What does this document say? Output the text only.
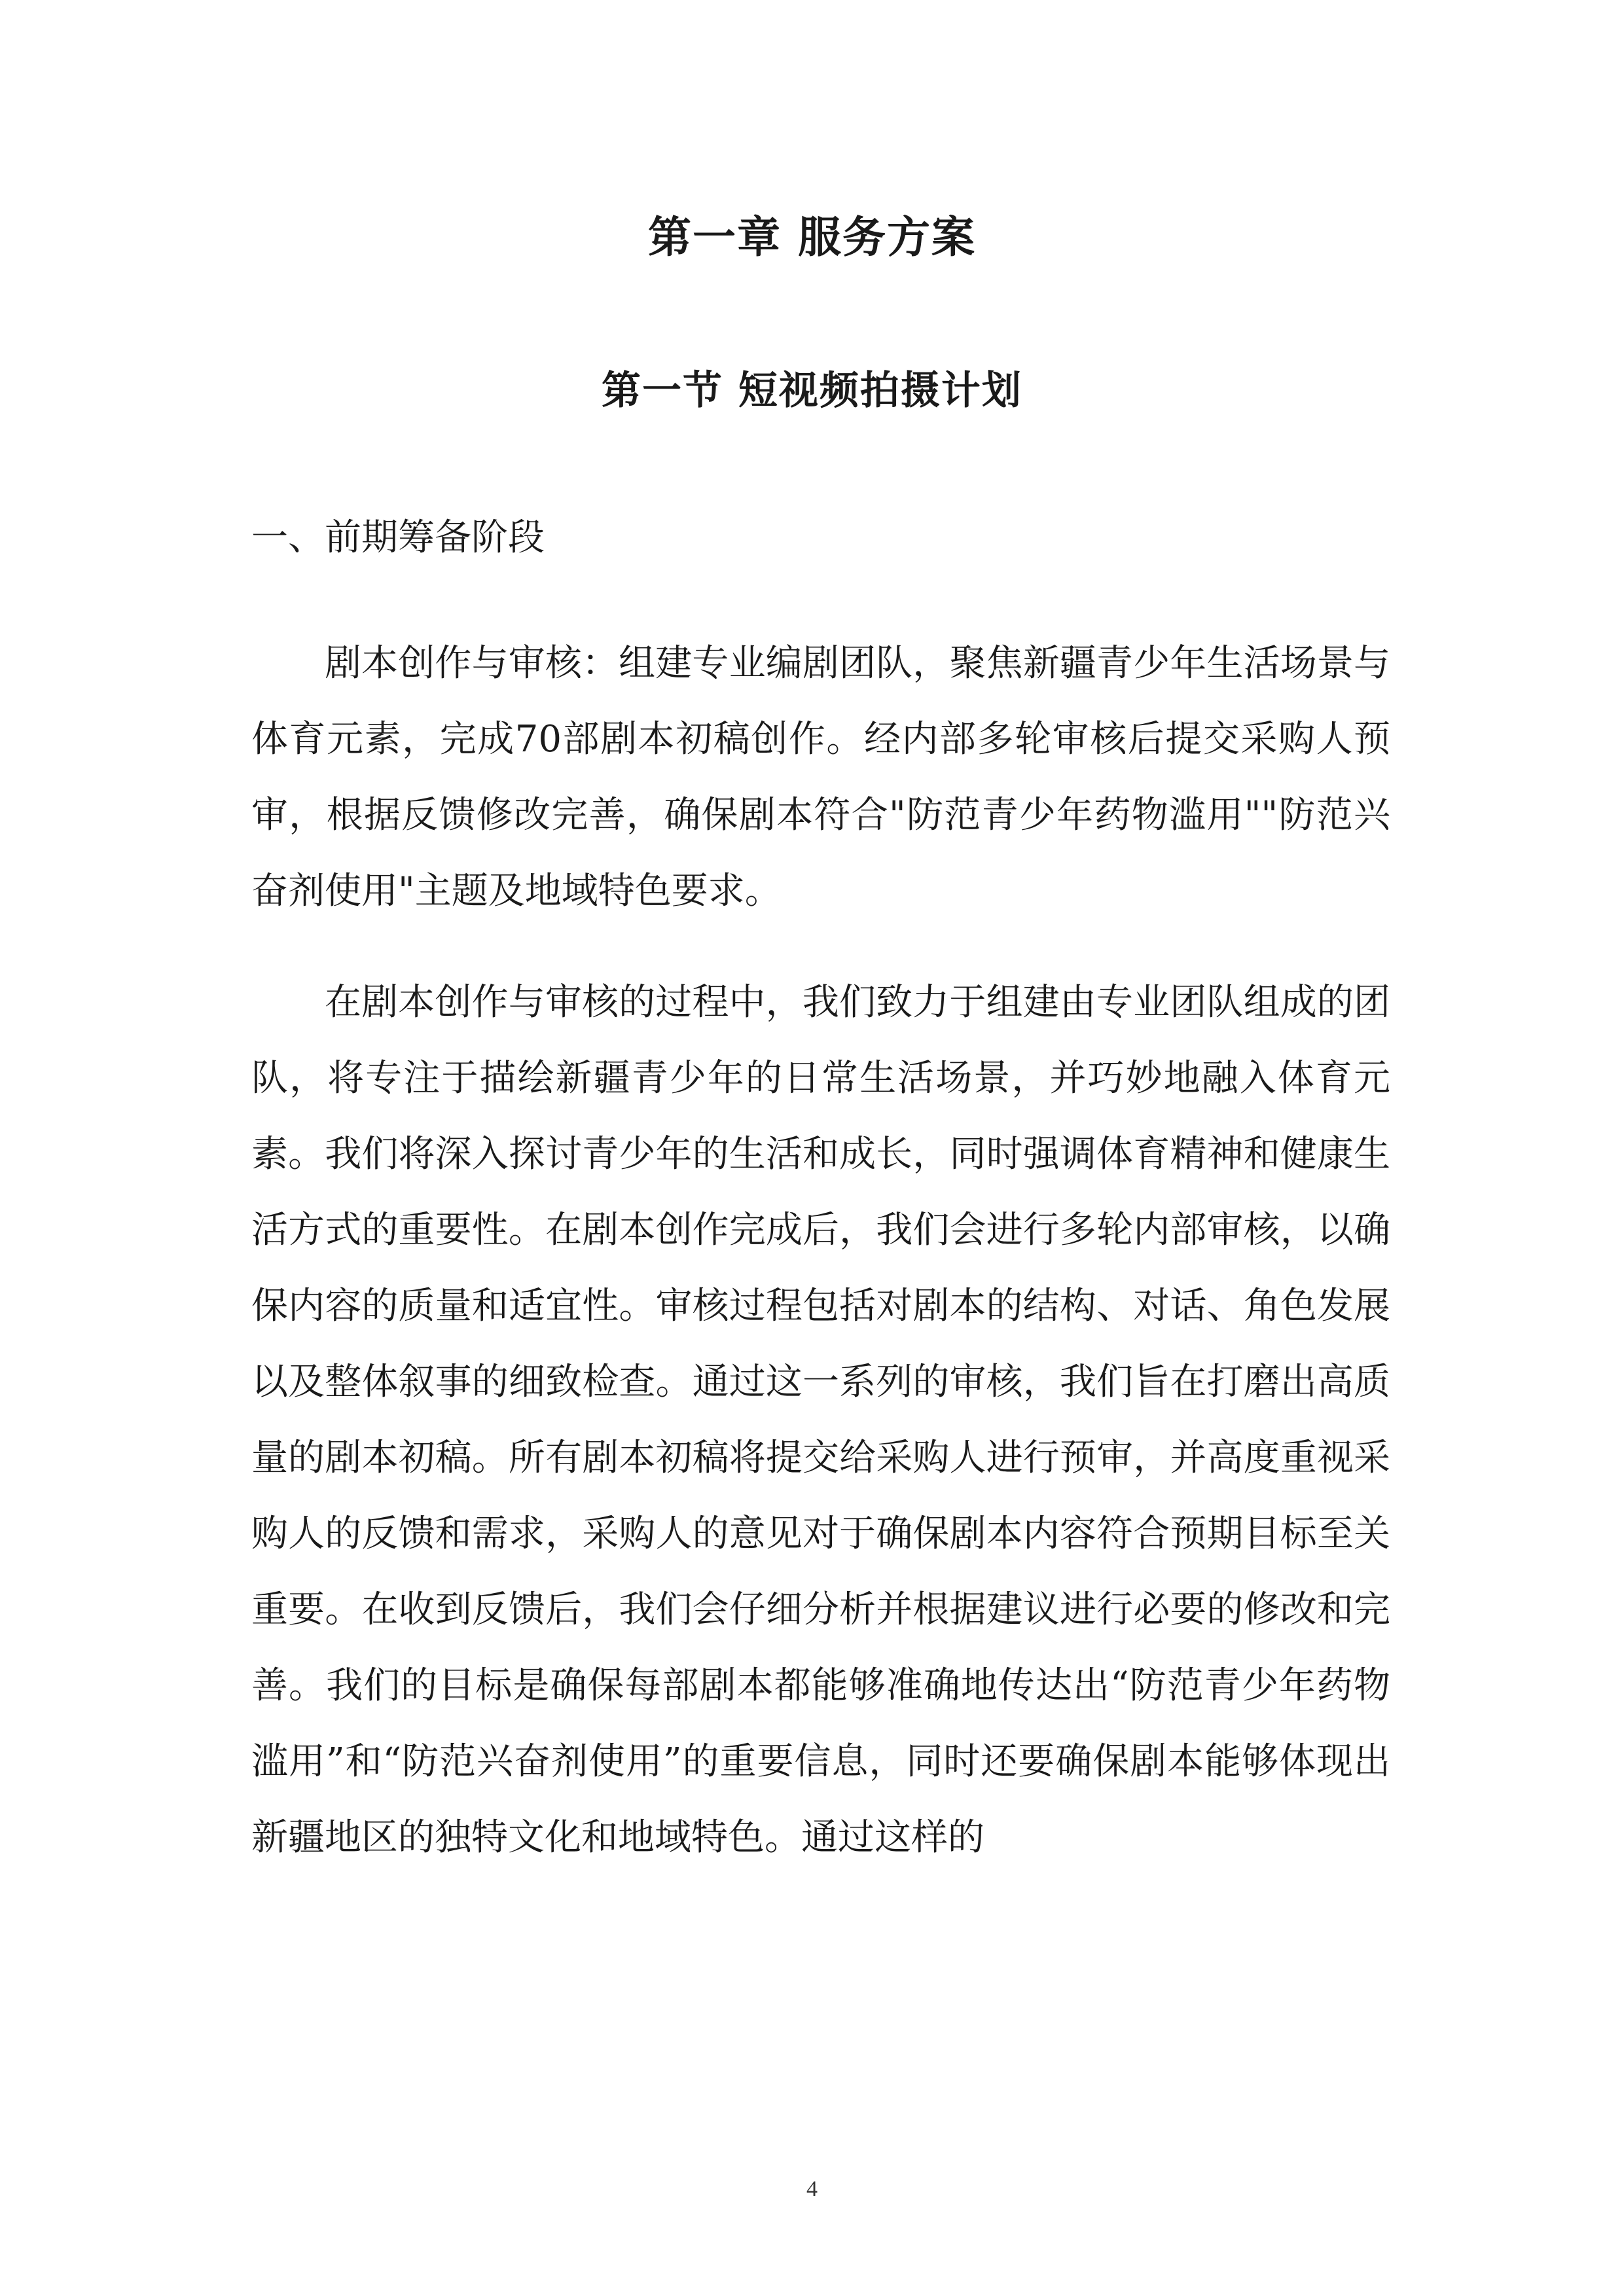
第一章 服务方案
第一节 短视频拍摄计划
一、前期筹备阶段

剧本创作与审核：组建专业编剧团队，聚焦新疆青少年生活场景与体育元素，完成70部剧本初稿创作。经内部多轮审核后提交采购人预审，根据反馈修改完善，确保剧本符合"防范青少年药物滥用""防范兴奋剂使用"主题及地域特色要求。

在剧本创作与审核的过程中，我们致力于组建由专业团队组成的团队，将专注于描绘新疆青少年的日常生活场景，并巧妙地融入体育元素。我们将深入探讨青少年的生活和成长，同时强调体育精神和健康生活方式的重要性。在剧本创作完成后，我们会进行多轮内部审核，以确保内容的质量和适宜性。审核过程包括对剧本的结构、对话、角色发展以及整体叙事的细致检查。通过这一系列的审核，我们旨在打磨出高质量的剧本初稿。所有剧本初稿将提交给采购人进行预审，并高度重视采购人的反馈和需求，采购人的意见对于确保剧本内容符合预期目标至关重要。在收到反馈后，我们会仔细分析并根据建议进行必要的修改和完善。我们的目标是确保每部剧本都能够准确地传达出“防范青少年药物滥用”和“防范兴奋剂使用”的重要信息，同时还要确保剧本能够体现出新疆地区的独特文化和地域特色。通过这样的

4
